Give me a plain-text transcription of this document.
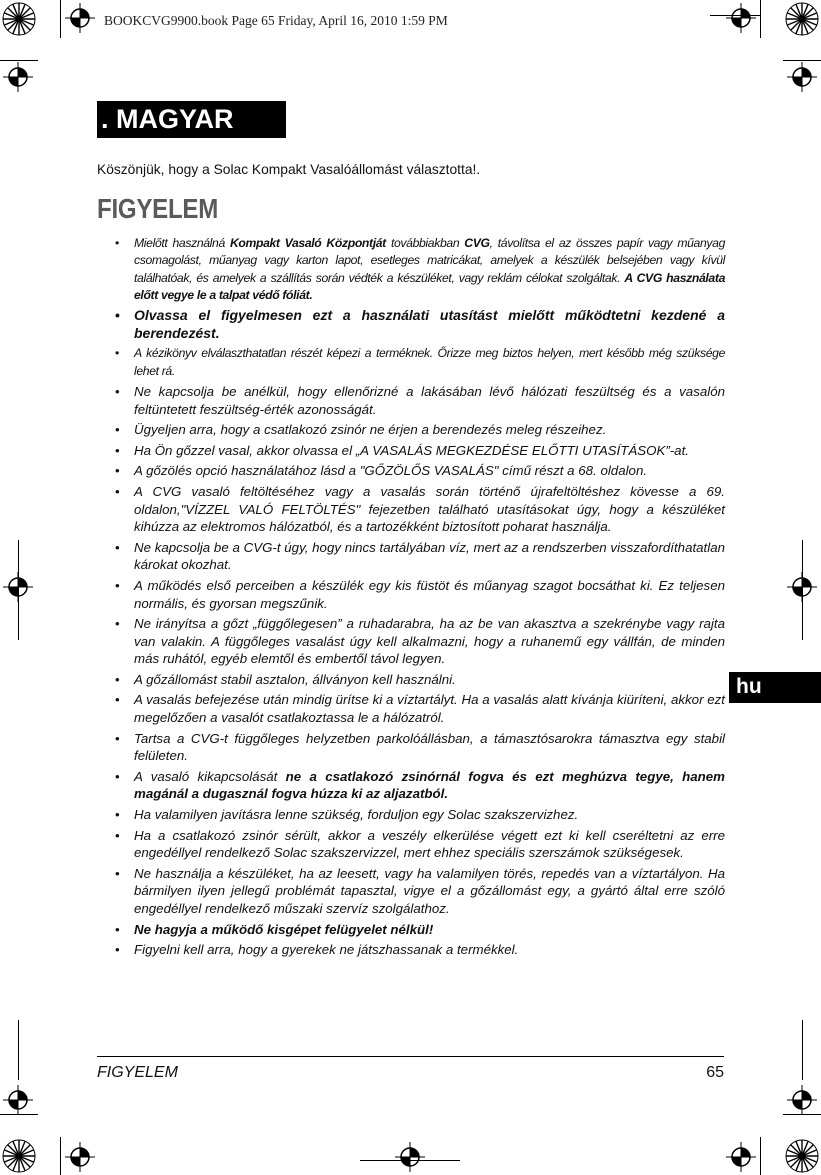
BOOKCVG9900.book Page 65 Friday, April 16, 2010 1:59 PM
. MAGYAR
Köszönjük, hogy a Solac Kompakt Vasalóállomást választotta!.
FIGYELEM
• Mielőtt használná Kompakt Vasaló Központját továbbiakban CVG, távolítsa el az összes papír vagy műanyag csomagolást, műanyag vagy karton lapot, esetleges matricákat, amelyek a készülék belsejében vagy kívül találhatóak, és amelyek a szállítás során védték a készüléket, vagy reklám célokat szolgáltak. A CVG használata előtt vegye le a talpat védő fóliát.
• Olvassa el figyelmesen ezt a használati utasítást mielőtt működtetni kezdené a berendezést.
• A kézikönyv elválaszthatatlan részét képezi a terméknek. Őrizze meg biztos helyen, mert később még szüksége lehet rá.
• Ne kapcsolja be anélkül, hogy ellenőrizné a lakásában lévő hálózati feszültség és a vasalón feltüntetett feszültség-érték azonosságát.
• Ügyeljen arra, hogy a csatlakozó zsinór ne érjen a berendezés meleg részeihez.
• Ha Ön gőzzel vasal, akkor olvassa el „A VASALÁS MEGKEZDÉSE ELŐTTI UTASÍTÁSOK”-at.
• A gőzölés opció használatához lásd a "GŐZÖLŐS VASALÁS" című részt a 68. oldalon.
• A CVG vasaló feltöltéséhez vagy a vasalás során történő újrafeltöltéshez kövesse a 69. oldalon,"VÍZZEL VALÓ FELTÖLTÉS" fejezetben található utasításokat úgy, hogy a készüléket kihúzza az elektromos hálózatból, és a tartozékként biztosított poharat használja.
• Ne kapcsolja be a CVG-t úgy, hogy nincs tartályában víz, mert az a rendszerben visszafordíthatatlan károkat okozhat.
• A működés első perceiben a készülék egy kis füstöt és műanyag szagot bocsáthat ki. Ez teljesen normális, és gyorsan megszűnik.
• Ne irányítsa a gőzt „függőlegesen” a ruhadarabra, ha az be van akasztva a szekrénybe vagy rajta van valakin. A függőleges vasalást úgy kell alkalmazni, hogy a ruhanemű egy vállfán, de minden más ruhától, egyéb elemtől és embertől távol legyen.
• A gőzállomást stabil asztalon, állványon kell használni.
• A vasalás befejezése után mindig ürítse ki a víztartályt. Ha a vasalás alatt kívánja kiüríteni, akkor ezt megelőzően a vasalót csatlakoztassa le a hálózatról.
• Tartsa a CVG-t függőleges helyzetben parkolóállásban, a támasztósarokra támasztva egy stabil felületen.
• A vasaló kikapcsolását ne a csatlakozó zsinórnál fogva és ezt meghúzva tegye, hanem magánál a dugasznál fogva húzza ki az aljazatból.
• Ha valamilyen javításra lenne szükség, forduljon egy Solac szakszervizhez.
• Ha a csatlakozó zsinór sérült, akkor a veszély elkerülése végett ezt ki kell cseréltetni az erre engedéllyel rendelkező Solac szakszervizzel, mert ehhez speciális szerszámok szükségesek.
• Ne használja a készüléket, ha az leesett, vagy ha valamilyen törés, repedés van a víztartályon. Ha bármilyen ilyen jellegű problémát tapasztal, vigye el a gőzállomást egy, a gyártó által erre szóló engedéllyel rendelkező műszaki szervíz szolgálathoz.
• Ne hagyja a működő kisgépet felügyelet nélkül!
• Figyelni kell arra, hogy a gyerekek ne játszhassanak a termékkel.
hu
FIGYELEM	65
